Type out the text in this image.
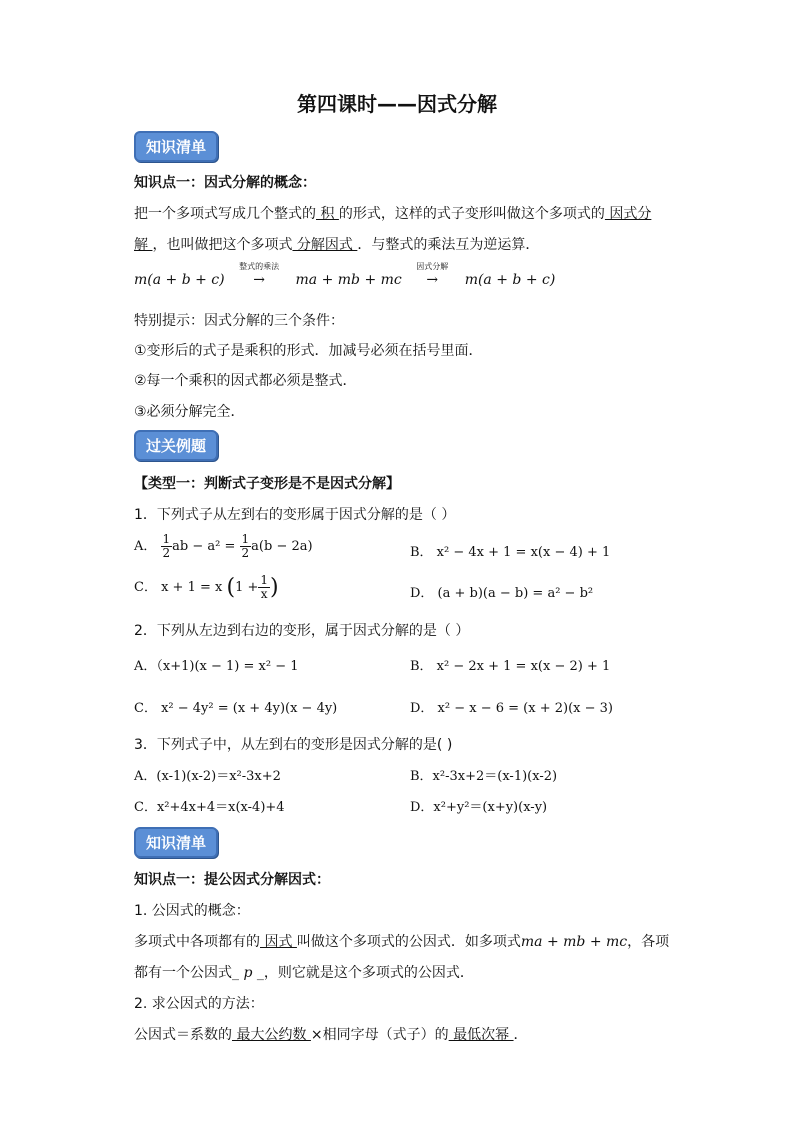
第四课时——因式分解
知识清单
知识点一：因式分解的概念：
把一个多项式写成几个整式的 积 的形式，这样的式子变形叫做这个多项式的 因式分
解 ，也叫做把这个多项式 分解因式 ．与整式的乘法互为逆运算．
m(a + b + c)
整式的乘法
→ ma + mb + mc
因式分解
→ m(a + b + c)
特别提示：因式分解的三个条件：
①变形后的式子是乘积的形式．加减号必须在括号里面．
②每一个乘积的因式都必须是整式．
③必须分解完全．
过关例题
【类型一：判断式子变形是不是因式分解】
1．下列式子从左到右的变形属于因式分解的是（ ）
A． $\frac{1}{2}$ ab − $a^2 = \frac{1}{2} a(b - 2a)$	B． x² − 4x + 1 = x(x − 4) + 1
C． x + 1 = x ($1 + \frac{1}{x}$ )	D． (a + b)(a − b) = a² − b²
2．下列从左边到右边的变形，属于因式分解的是（ ）
A．（x+1)(x − 1) = x² − 1	B． x² − 2x + 1 = x(x − 2) + 1
C． x² − 4y² = (x + 4y)(x − 4y)	D． x² − x − 6 = (x + 2)(x − 3)
3．下列式子中，从左到右的变形是因式分解的是( )
A．(x-1)(x-2)＝x²-3x+2	B．x²-3x+2＝(x-1)(x-2)
C．x²+4x+4＝x(x-4)+4	D．x²+y²＝(x+y)(x-y)
知识清单
知识点一：提公因式分解因式：
1. 公因式的概念：
多项式中各项都有的 因式 叫做这个多项式的公因式．如多项式ma + mb + mc，各项
都有一个公因式_ p _，则它就是这个多项式的公因式．
2. 求公因式的方法：
公因式＝系数的 最大公约数 ×相同字母（式子）的 最低次幂 ．
